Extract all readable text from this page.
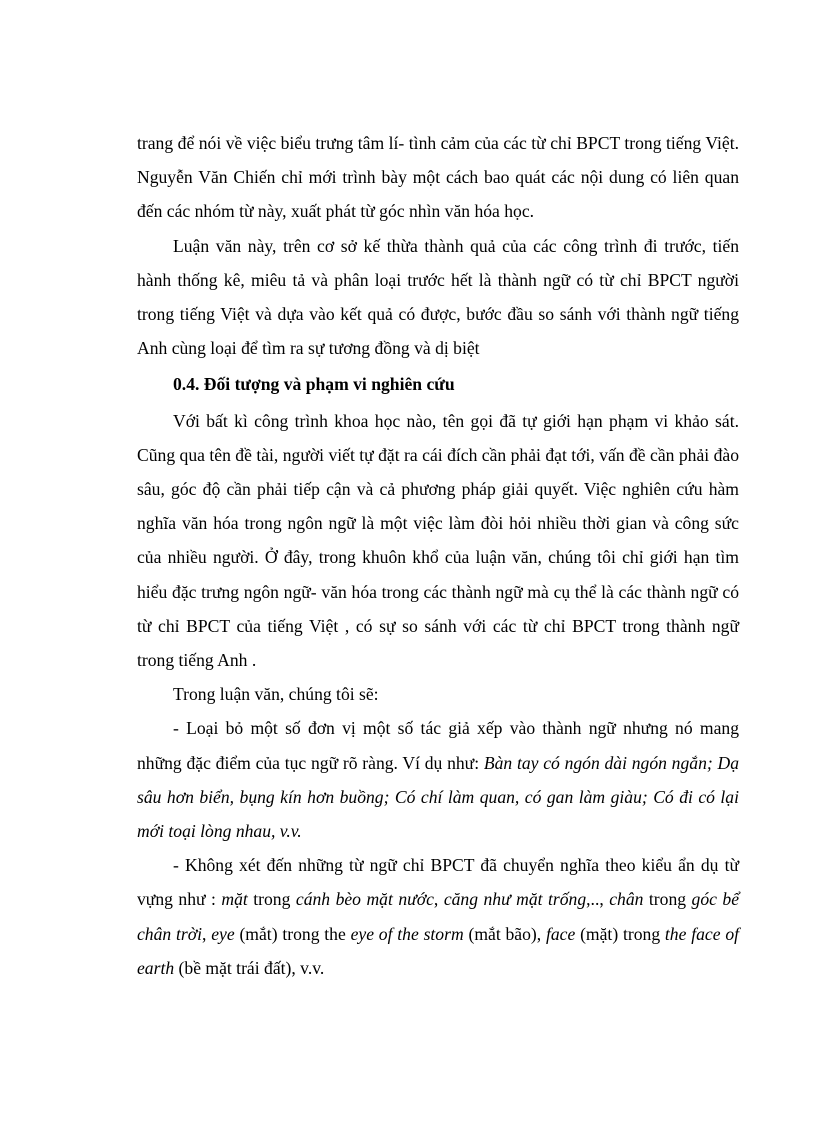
trang để nói về việc biểu trưng tâm lí- tình cảm của các từ chỉ BPCT trong tiếng Việt. Nguyễn Văn Chiến chỉ mới trình bày một cách bao quát các nội dung có liên quan đến các nhóm từ này, xuất phát từ góc nhìn văn hóa học.

Luận văn này, trên cơ sở kế thừa thành quả của các công trình đi trước, tiến hành thống kê, miêu tả và phân loại trước hết là thành ngữ có từ chỉ BPCT người trong tiếng Việt và dựa vào kết quả có được, bước đầu so sánh với thành ngữ tiếng Anh cùng loại để tìm ra sự tương đồng và dị biệt

0.4. Đối tượng và phạm vi nghiên cứu

Với bất kì công trình khoa học nào, tên gọi đã tự giới hạn phạm vi khảo sát. Cũng qua tên đề tài, người viết tự đặt ra cái đích cần phải đạt tới, vấn đề cần phải đào sâu, góc độ cần phải tiếp cận và cả phương pháp giải quyết. Việc nghiên cứu hàm nghĩa văn hóa trong ngôn ngữ là một việc làm đòi hỏi nhiều thời gian và công sức của nhiều người. Ở đây, trong khuôn khổ của luận văn, chúng tôi chỉ giới hạn tìm hiểu đặc trưng ngôn ngữ- văn hóa trong các thành ngữ mà cụ thể là các thành ngữ có từ chỉ BPCT của tiếng Việt , có sự so sánh với các từ chỉ BPCT trong thành ngữ trong tiếng Anh .

Trong luận văn, chúng tôi sẽ:

- Loại bỏ một số đơn vị một số tác giả xếp vào thành ngữ nhưng nó mang những đặc điểm của tục ngữ rõ ràng. Ví dụ như: Bàn tay có ngón dài ngón ngắn; Dạ sâu hơn biển, bụng kín hơn buồng; Có chí làm quan, có gan làm giàu; Có đi có lại mới toại lòng nhau, v.v.

- Không xét đến những từ ngữ chỉ BPCT đã chuyển nghĩa theo kiểu ẩn dụ từ vựng như : mặt trong cánh bèo mặt nước, căng như mặt trống,.., chân trong góc bể chân trời, eye (mắt) trong the eye of the storm (mắt bão), face (mặt) trong the face of earth (bề mặt trái đất), v.v.
